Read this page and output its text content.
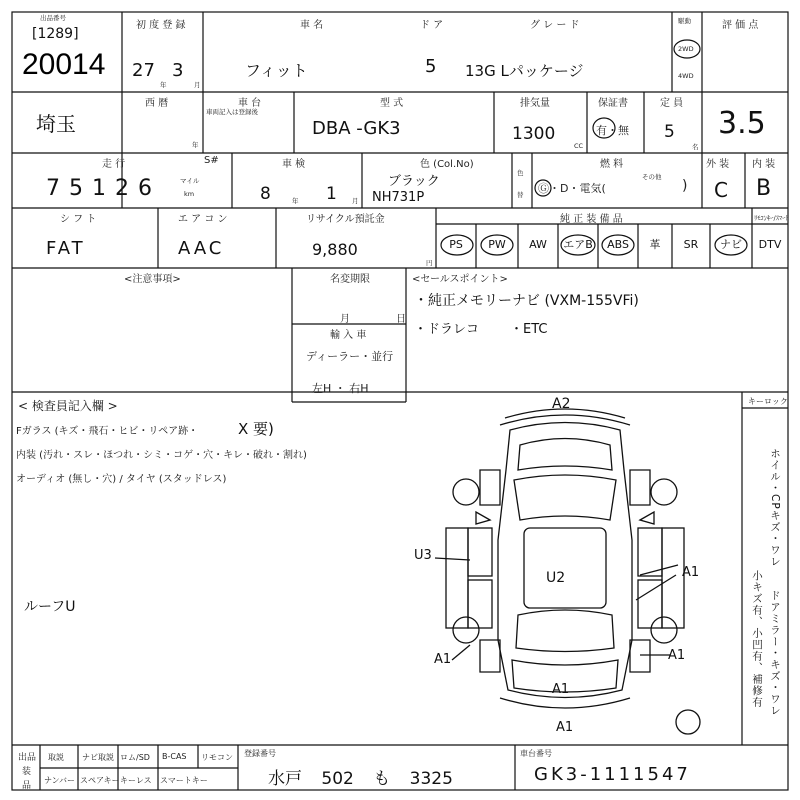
出品番号
[1289]
20014
初 度 登 録
27 3
年	月
車 名	ド ア	グ レ ー ド
フィット	5 13G Lパッケージ
駆動
2WD
4WD
評 価 点
埼玉
西 暦
年
車 台
車両記入は登録後
型 式
DBA -GK3
排気量
1300
CC
保証書
有・無
定 員
5
名
3.5
走 行	S#
75126	マイル
km
車 検
8	年 1 月
色 (Col.No)
ブラック
NH731P
色
替
燃 料
Ⓖ・D・電気(
その他
)
外 装 内 装
C B
シ フ ト
FAT
エ ア コ ン
AAC
リサイクル預託金
9,880
円
純 正 装 備 品	ﾘﾓｺﾝｷｰ/ｽﾏｰﾄ
PS	PW	AW	エアB	ABS	革	SR	ナビ	DTV
<注意事項>	名変期限
月	日
輸 入 車
ディーラー・並行
左H ・ 右H
<セールスポイント>
・純正メモリーナビ (VXM-155VFi)
・ドラレコ ・ETC
< 検査員記入欄 >
Fガラス (キズ・飛石・ヒビ・リペア跡・	X 要)
内装 (汚れ・スレ・ほつれ・シミ・コゲ・穴・キレ・破れ・割れ)
オーディオ (無し・穴) / タイヤ (スタッドレス)
キーロック
ホイル・CPキズ・ワレ
ドアミラー・キズ・ワレ
小キズ有、小凹有、補修有
ルーフU
A2
U3
U2	A1
A1
A1
A1
A1
出品
装
品
取説 ナビ取説 ロム/SD B-CAS リモコン
ナンバー スペアキー キーレス スマートキー
登録番号
水戸 502 も 3325
車台番号
GK3-1111547
